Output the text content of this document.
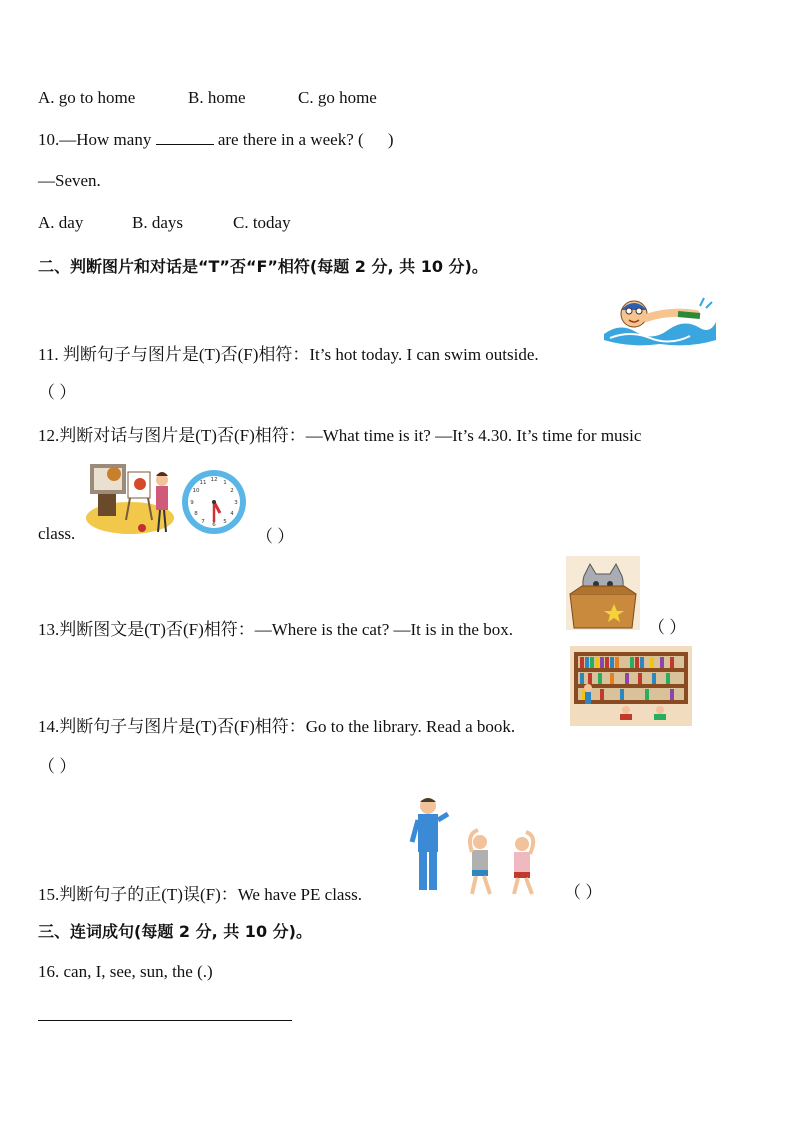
A. go to home	B. home	C. go home
10.—How many	are there in a week? ( )
—Seven.
A. day	B. days	C. today
二、判断图片和对话是“T”否“F”相符(每题 2 分, 共 10 分)。
11. 判断句子与图片是(T)否(F)相符：It’s hot today. I can swim outside.
（ ）
12.判断对话与图片是(T)否(F)相符：—What time is it? —It’s 4.30. It’s time for music
12 1
2
3
4
5
6
7
8
9
10
11
class.	（ ）
13.判断图文是(T)否(F)相符：—Where is the cat? —It is in the box.	（ ）
14.判断句子与图片是(T)否(F)相符：Go to the library. Read a book.
（ ）
15.判断句子的正(T)误(F)：We have PE class.	（ ）
三、连词成句(每题 2 分, 共 10 分)。
16. can, I, see, sun, the (.)
